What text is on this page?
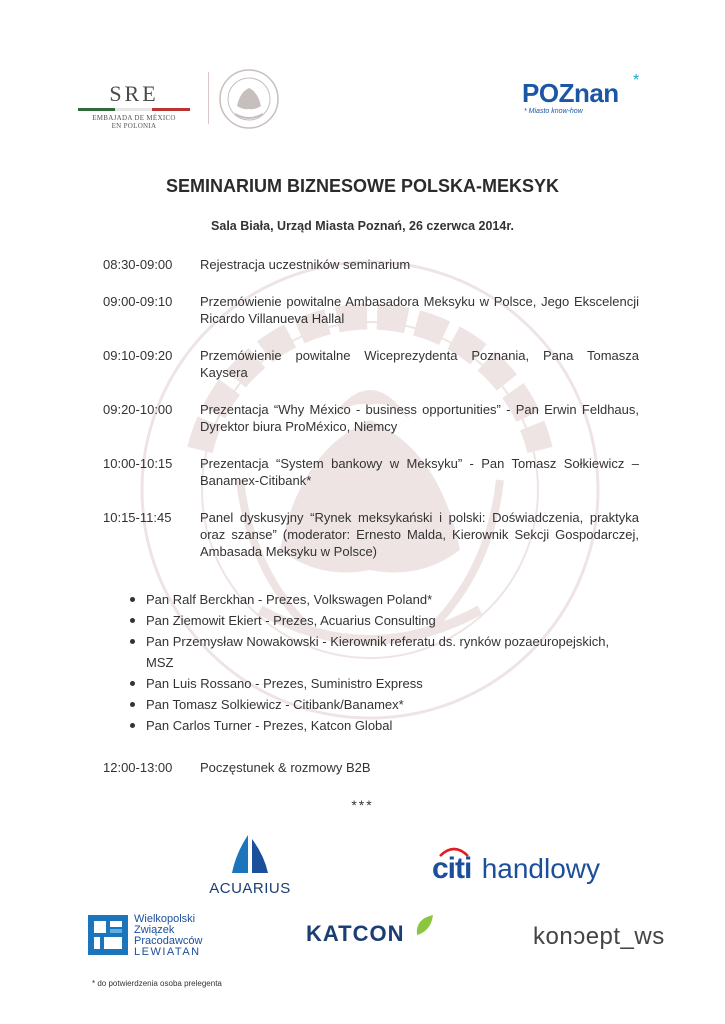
SRE
EMBAJADA DE MÉXICO
EN POLONIA
POZnan *
* Miasto know-how
SEMINARIUM BIZNESOWE POLSKA-MEKSYK
Sala Biała, Urząd Miasta Poznań, 26 czerwca 2014r.
08:30-09:00	Rejestracja uczestników seminarium
09:00-09:10	Przemówienie powitalne Ambasadora Meksyku w Polsce, Jego Ekscelencji Ricardo Villanueva Hallal
09:10-09:20	Przemówienie powitalne Wiceprezydenta Poznania, Pana Tomasza Kaysera
09:20-10:00	Prezentacja “Why México - business opportunities” - Pan Erwin Feldhaus, Dyrektor biura ProMéxico, Niemcy
10:00-10:15	Prezentacja “System bankowy w Meksyku” - Pan Tomasz Sołkiewicz – Banamex-Citibank*
10:15-11:45	Panel dyskusyjny “Rynek meksykański i polski: Doświadczenia, praktyka oraz szanse” (moderator: Ernesto Malda, Kierownik Sekcji Gospodarczej, Ambasada Meksyku w Polsce)
Pan Ralf Berckhan - Prezes, Volkswagen Poland*
Pan Ziemowit Ekiert - Prezes, Acuarius Consulting
Pan Przemysław Nowakowski - Kierownik referatu ds. rynków pozaeuropejskich, MSZ
Pan Luis Rossano - Prezes, Suministro Express
Pan Tomasz Solkiewicz - Citibank/Banamex*
Pan Carlos Turner - Prezes, Katcon Global
12:00-13:00	Poczęstunek & rozmowy B2B
***
ACUARIUS
citi handlowy
Wielkopolski
Związek
Pracodawców
LEWIATAN
KATCON	konɔept_ws
* do potwierdzenia osoba prelegenta
